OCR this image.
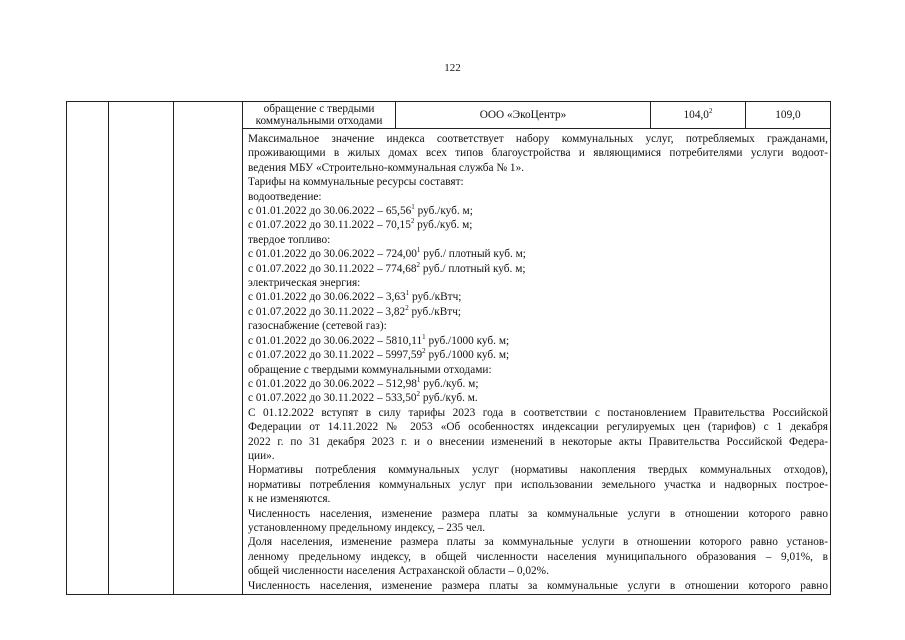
122
обращение с твердыми коммунальными отходами	ООО «ЭкоЦентр»	104,0$^2$	109,0
Максимальное значение индекса соответствует набору коммунальных услуг, потребляемых гражданами,
проживающими в жилых домах всех типов благоустройства и являющимися потребителями услуги водоот-
ведения МБУ «Строительно-коммунальная служба № 1».
Тарифы на коммунальные ресурсы составят:
водоотведение:
с 01.01.2022 до 30.06.2022 – 65,56$^1$ руб./куб. м;
с 01.07.2022 до 30.11.2022 – 70,15$^2$ руб./куб. м;
твердое топливо:
с 01.01.2022 до 30.06.2022 – 724,00$^1$ руб./ плотный куб. м;
с 01.07.2022 до 30.11.2022 – 774,68$^2$ руб./ плотный куб. м;
электрическая энергия:
с 01.01.2022 до 30.06.2022 – 3,63$^1$ руб./кВтч;
с 01.07.2022 до 30.11.2022 – 3,82$^2$ руб./кВтч;
газоснабжение (сетевой газ):
с 01.01.2022 до 30.06.2022 – 5810,11$^1$ руб./1000 куб. м;
с 01.07.2022 до 30.11.2022 – 5997,59$^2$ руб./1000 куб. м;
обращение с твердыми коммунальными отходами:
с 01.01.2022 до 30.06.2022 – 512,98$^1$ руб./куб. м;
с 01.07.2022 до 30.11.2022 – 533,50$^2$ руб./куб. м.
С 01.12.2022 вступят в силу тарифы 2023 года в соответствии с постановлением Правительства Российской
Федерации от 14.11.2022 № 2053 «Об особенностях индексации регулируемых цен (тарифов) с 1 декабря
2022 г. по 31 декабря 2023 г. и о внесении изменений в некоторые акты Правительства Российской Федера-
ции».
Нормативы потребления коммунальных услуг (нормативы накопления твердых коммунальных отходов),
нормативы потребления коммунальных услуг при использовании земельного участка и надворных построе-
к не изменяются.
Численность населения, изменение размера платы за коммунальные услуги в отношении которого равно
установленному предельному индексу, – 235 чел.
Доля населения, изменение размера платы за коммунальные услуги в отношении которого равно установ-
ленному предельному индексу, в общей численности населения муниципального образования – 9,01%, в
общей численности населения Астраханской области – 0,02%.
Численность населения, изменение размера платы за коммунальные услуги в отношении которого равно
